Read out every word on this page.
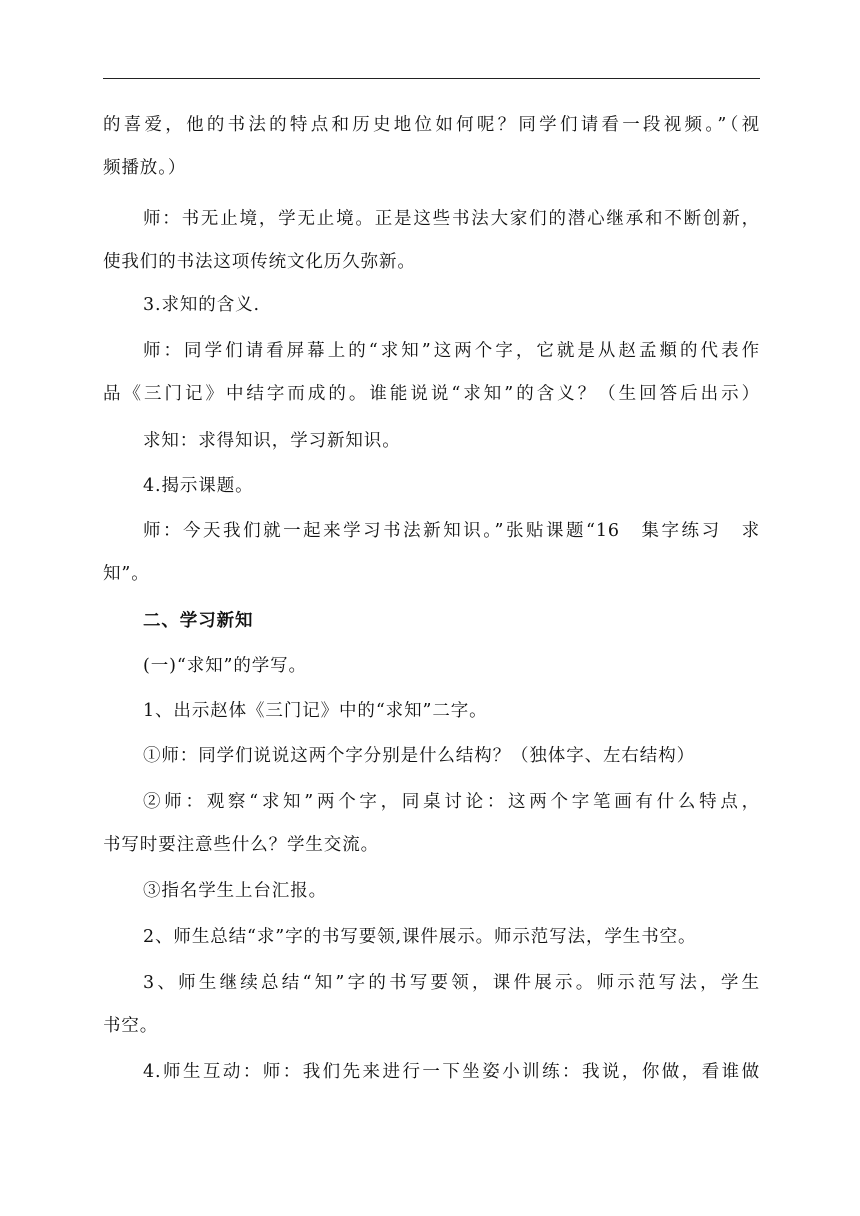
的喜爱，他的书法的特点和历史地位如何呢？同学们请看一段视频。”（视
频播放。）
师：书无止境，学无止境。正是这些书法大家们的潜心继承和不断创新，
使我们的书法这项传统文化历久弥新。
3.求知的含义.
师：同学们请看屏幕上的“求知”这两个字，它就是从赵孟頫的代表作
品《三门记》中结字而成的。谁能说说“求知”的含义？（生回答后出示）
求知：求得知识，学习新知识。
4.揭示课题。
师：今天我们就一起来学习书法新知识。”张贴课题“16　集字练习　求
知”。
二、学习新知
(一)“求知”的学写。
1、出示赵体《三门记》中的“求知”二字。
①师：同学们说说这两个字分别是什么结构？（独体字、左右结构）
②师：观察“求知”两个字，同桌讨论：这两个字笔画有什么特点，
书写时要注意些什么？学生交流。
③指名学生上台汇报。
2、师生总结“求”字的书写要领,课件展示。师示范写法，学生书空。
3、师生继续总结“知”字的书写要领，课件展示。师示范写法，学生
书空。
4.师生互动：师：我们先来进行一下坐姿小训练：我说，你做，看谁做
